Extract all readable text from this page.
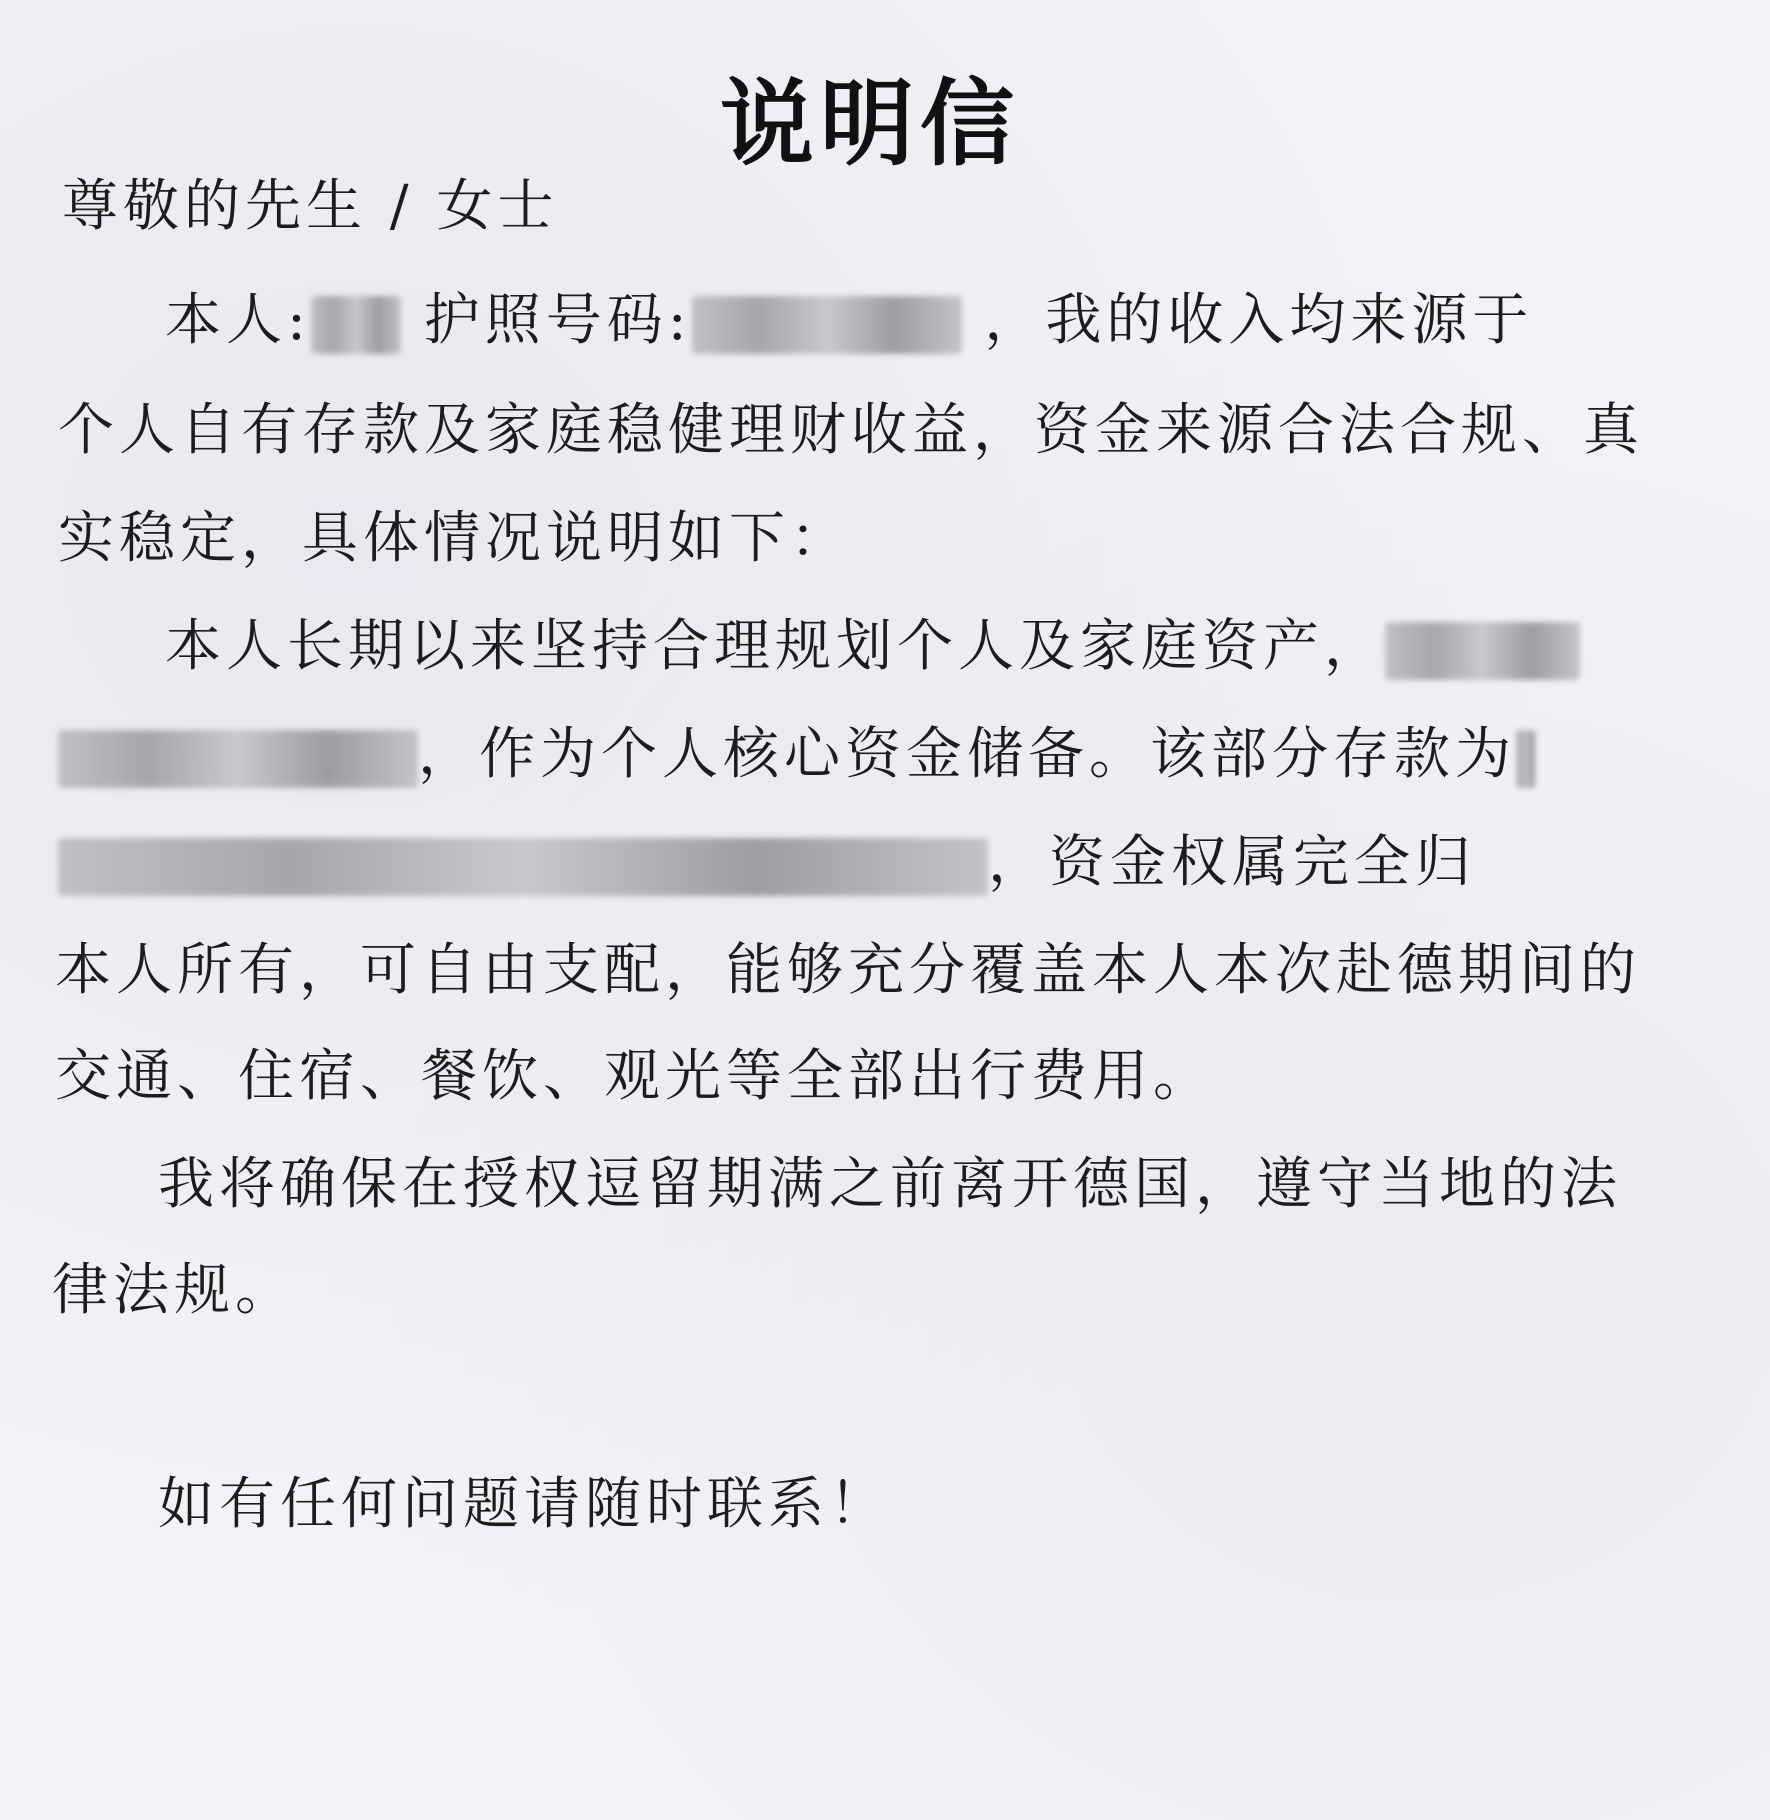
说明信
尊敬的先生 / 女士
本人: 护照号码:	，我的收入均来源于
个人自有存款及家庭稳健理财收益，资金来源合法合规、真
实稳定，具体情况说明如下：
本人长期以来坚持合理规划个人及家庭资产，
，作为个人核心资金储备。该部分存款为
，资金权属完全归
本人所有，可自由支配，能够充分覆盖本人本次赴德期间的
交通、住宿、餐饮、观光等全部出行费用。
我将确保在授权逗留期满之前离开德国，遵守当地的法
律法规。
如有任何问题请随时联系！
